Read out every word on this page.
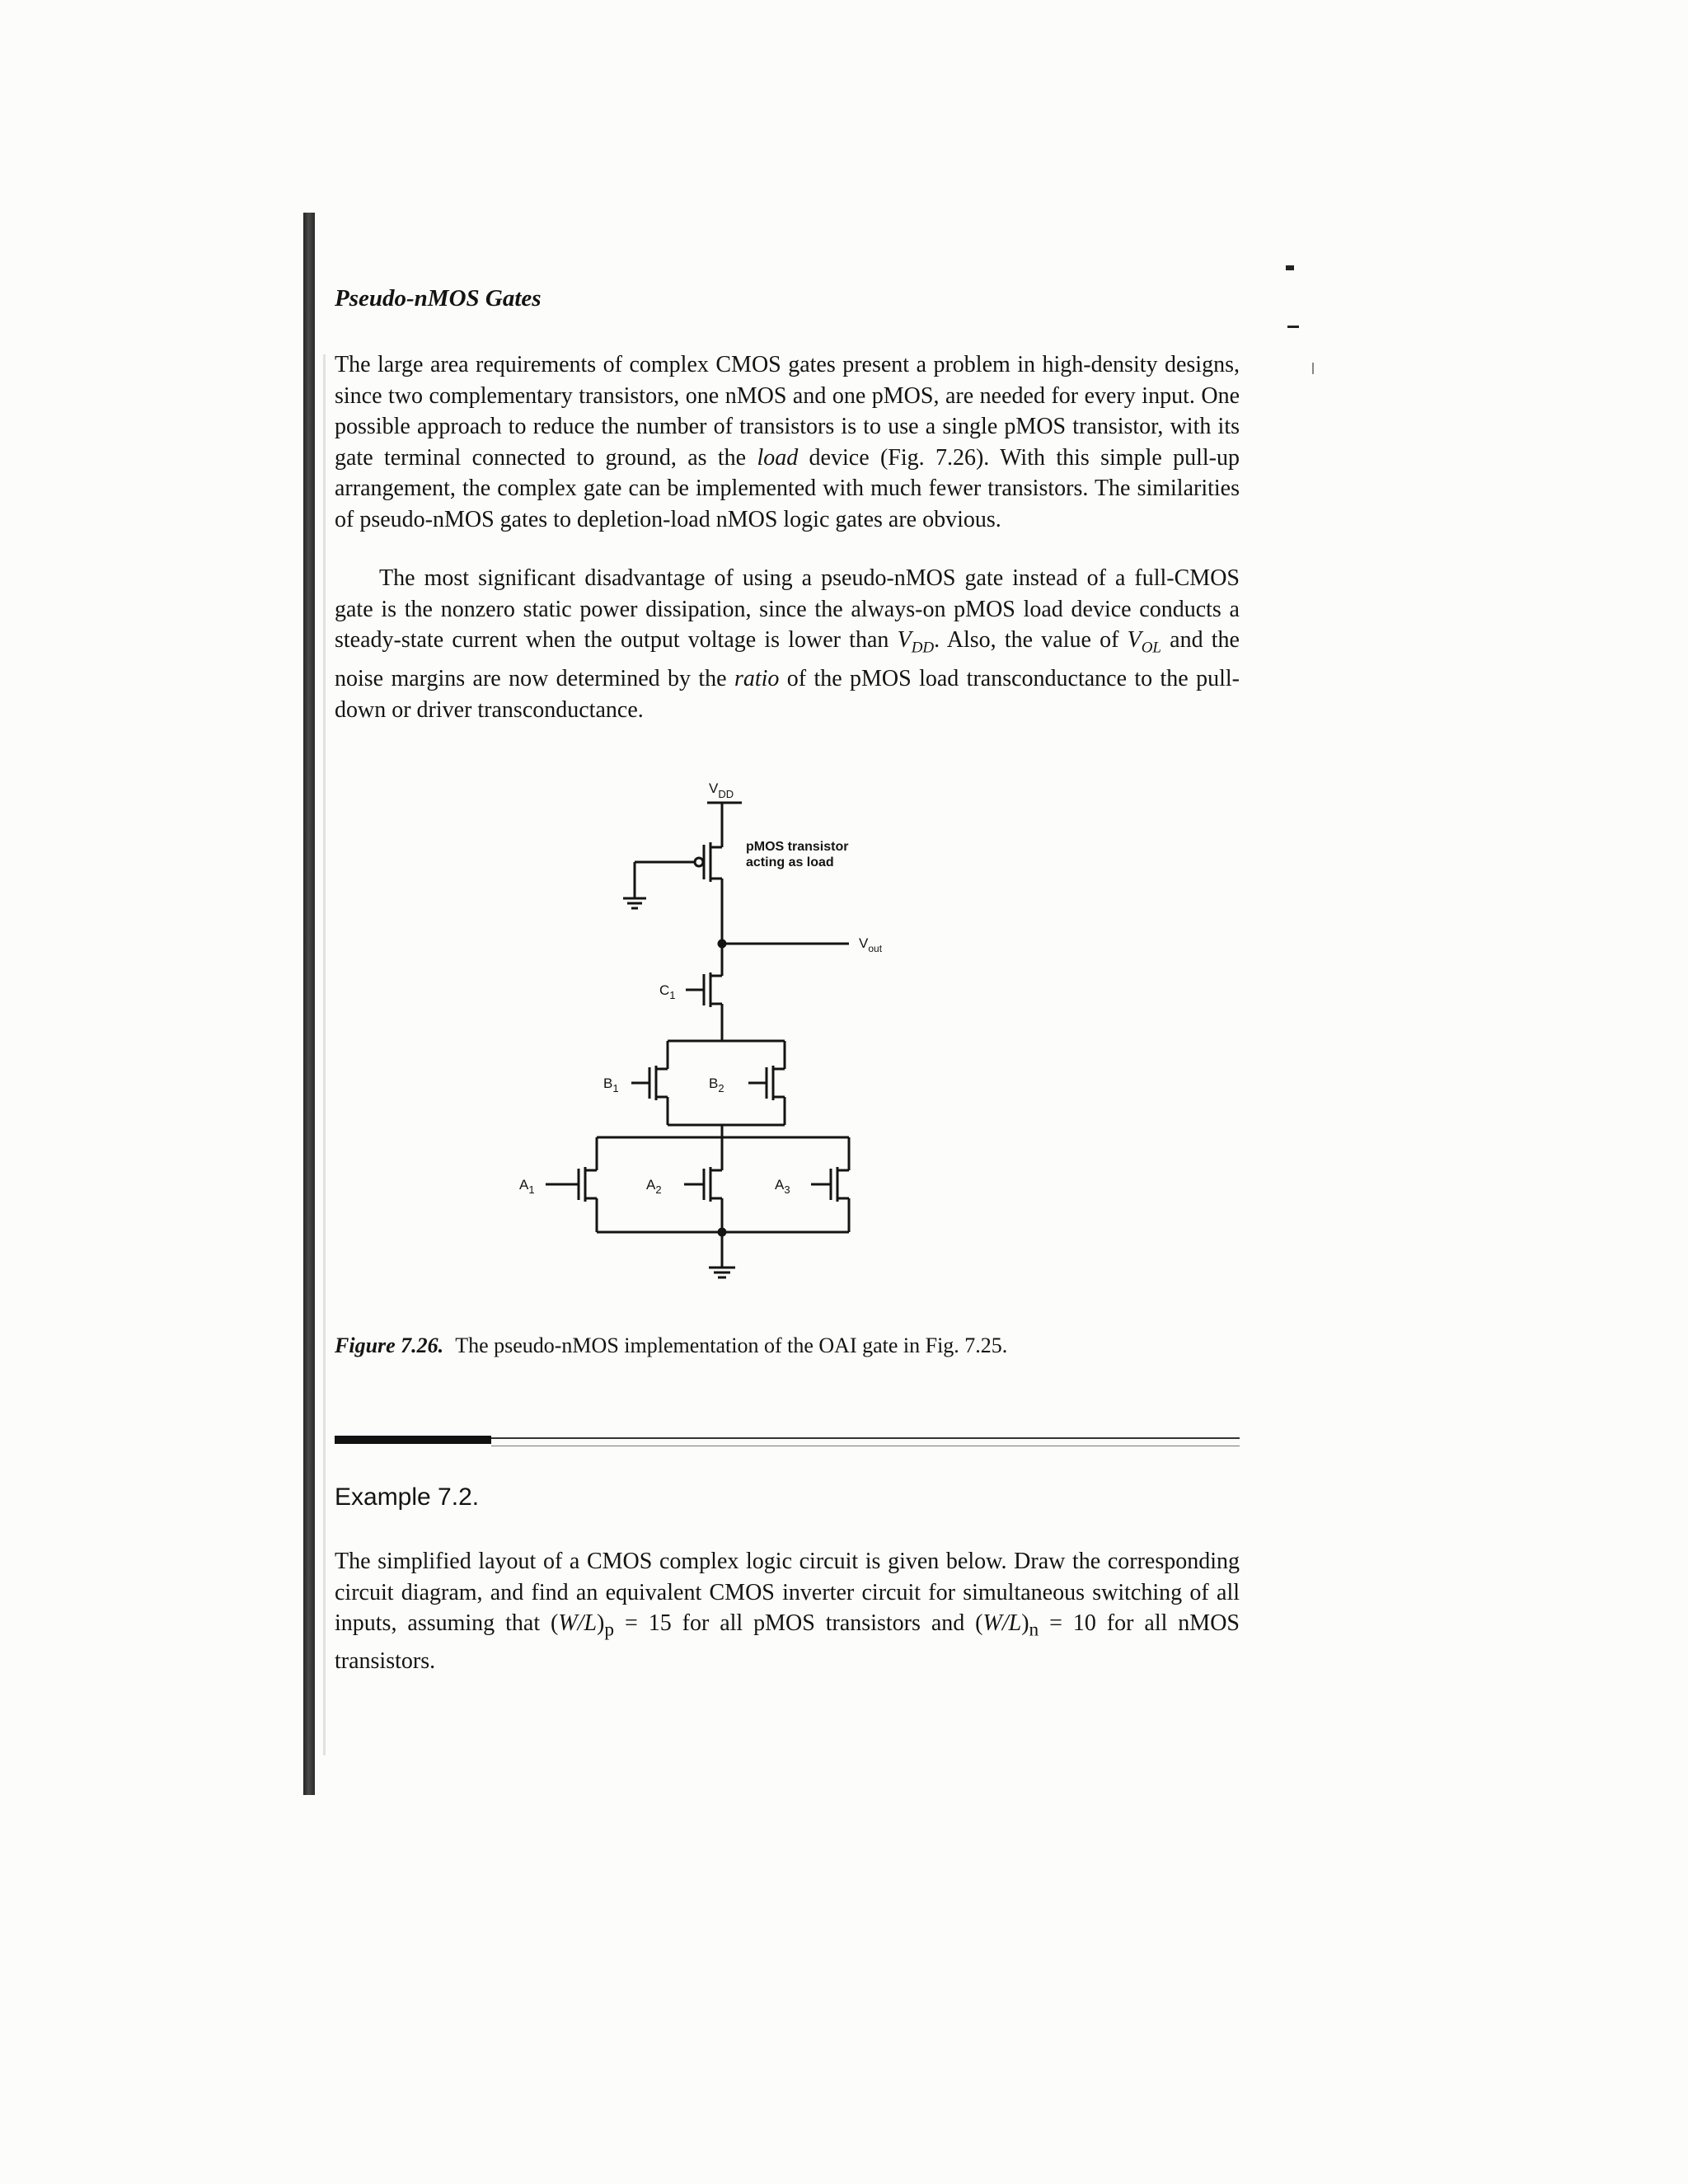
Pseudo-nMOS Gates

The large area requirements of complex CMOS gates present a problem in high-density designs, since two complementary transistors, one nMOS and one pMOS, are needed for every input. One possible approach to reduce the number of transistors is to use a single pMOS transistor, with its gate terminal connected to ground, as the load device (Fig. 7.26). With this simple pull-up arrangement, the complex gate can be implemented with much fewer transistors. The similarities of pseudo-nMOS gates to depletion-load nMOS logic gates are obvious.

The most significant disadvantage of using a pseudo-nMOS gate instead of a full-CMOS gate is the nonzero static power dissipation, since the always-on pMOS load device conducts a steady-state current when the output voltage is lower than $V_{DD}$. Also, the value of $V_{OL}$ and the noise margins are now determined by the ratio of the pMOS load transconductance to the pull-down or driver transconductance.

$V_{DD}$
pMOS transistor
acting as load
$V_{out}$
$C_1$
$B_1$	$B_2$
$A_1$	$A_2$	$A_3$

Figure 7.26. The pseudo-nMOS implementation of the OAI gate in Fig. 7.25.

Example 7.2.

The simplified layout of a CMOS complex logic circuit is given below. Draw the corresponding circuit diagram, and find an equivalent CMOS inverter circuit for simultaneous switching of all inputs, assuming that $(W/L)_p = 15$ for all pMOS transistors and $(W/L)_n = 10$ for all nMOS transistors.
